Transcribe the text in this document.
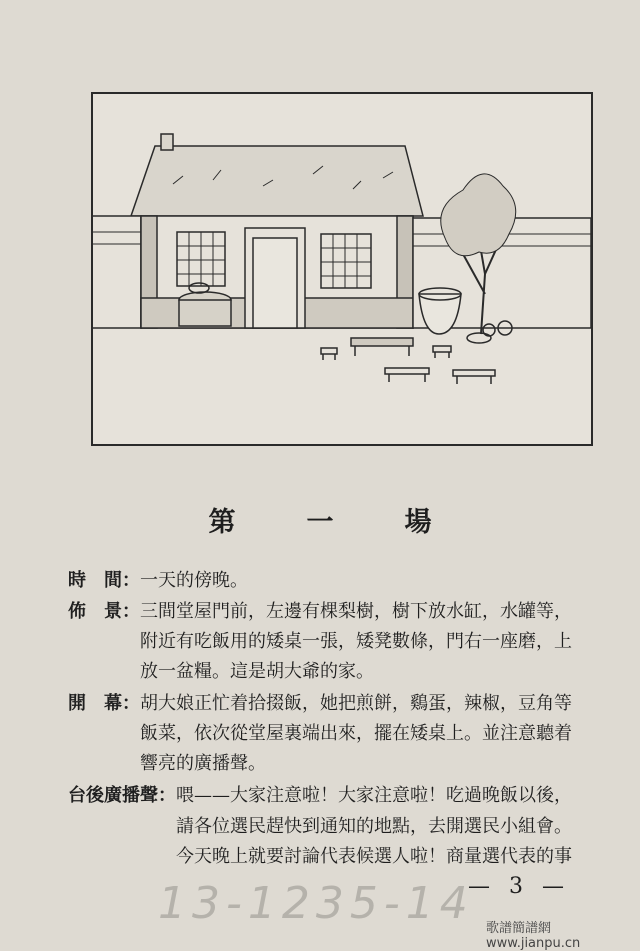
第　一　場
時　間：一天的傍晚。
佈　景：三間堂屋門前，左邊有棵梨樹，樹下放水缸，水罐等，
附近有吃飯用的矮桌一張，矮凳數條，門右一座磨，上
放一盆糧。這是胡大爺的家。
開　幕：胡大娘正忙着拾掇飯，她把煎餅，鷄蛋，辣椒，豆角等
飯菜，依次從堂屋裏端出來，擺在矮桌上。並注意聽着
響亮的廣播聲。
台後廣播聲：喂——大家注意啦！大家注意啦！吃過晚飯以後，
請各位選民趕快到通知的地點，去開選民小組會。
今天晚上就要討論代表候選人啦！商量選代表的事
13-1235-14
— 3 —
歌譜簡譜網 www.jianpu.cn
